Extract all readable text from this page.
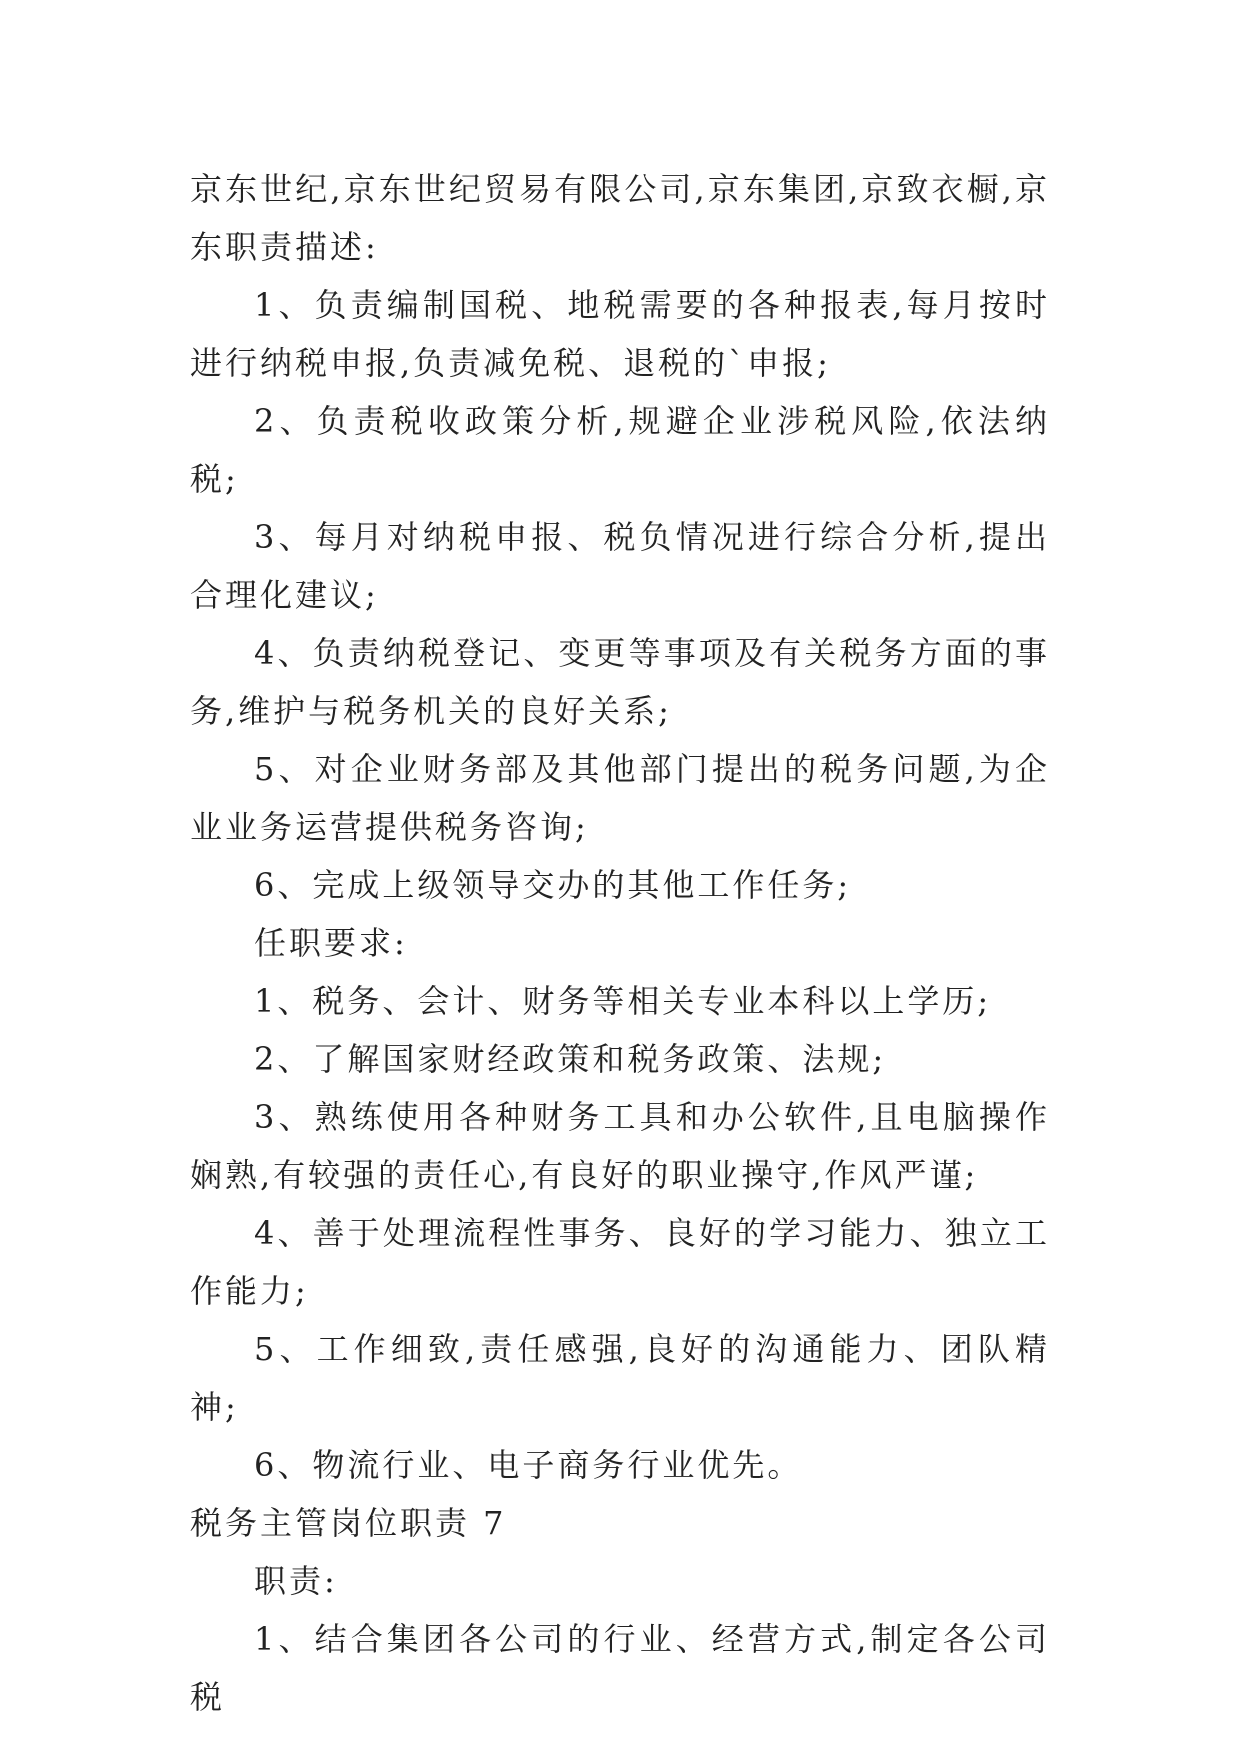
京东世纪,京东世纪贸易有限公司,京东集团,京致衣橱,京东职责描述:

1、负责编制国税、地税需要的各种报表,每月按时进行纳税申报,负责减免税、退税的`申报;

2、负责税收政策分析,规避企业涉税风险,依法纳税;

3、每月对纳税申报、税负情况进行综合分析,提出合理化建议;

4、负责纳税登记、变更等事项及有关税务方面的事务,维护与税务机关的良好关系;

5、对企业财务部及其他部门提出的税务问题,为企业业务运营提供税务咨询;

6、完成上级领导交办的其他工作任务;

任职要求:

1、税务、会计、财务等相关专业本科以上学历;

2、了解国家财经政策和税务政策、法规;

3、熟练使用各种财务工具和办公软件,且电脑操作娴熟,有较强的责任心,有良好的职业操守,作风严谨;

4、善于处理流程性事务、良好的学习能力、独立工作能力;

5、工作细致,责任感强,良好的沟通能力、团队精神;

6、物流行业、电子商务行业优先。

税务主管岗位职责 7

职责:

1、结合集团各公司的行业、经营方式,制定各公司税
